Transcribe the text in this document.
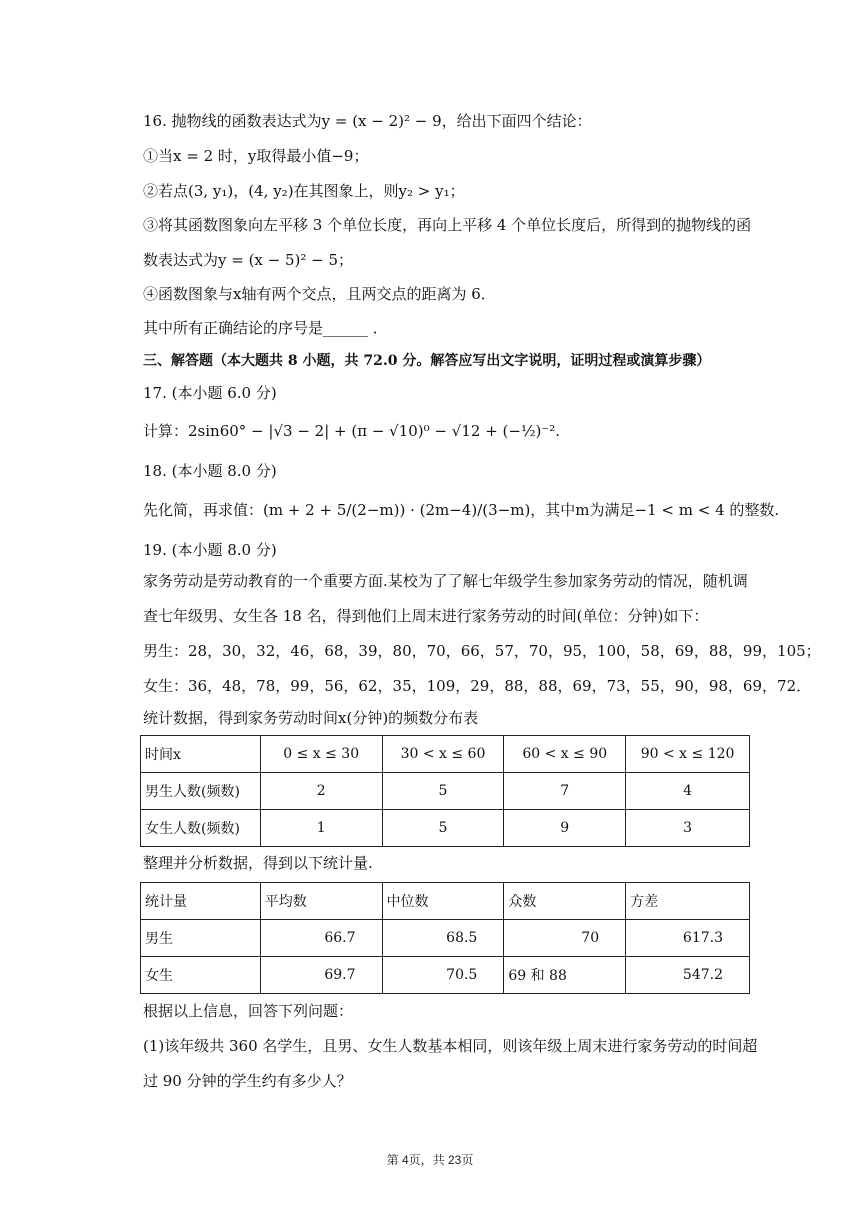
16. 抛物线的函数表达式为y = (x − 2)² − 9，给出下面四个结论：
①当x = 2 时，y取得最小值−9；
②若点(3, y₁)，(4, y₂)在其图象上，则y₂ > y₁；
③将其函数图象向左平移 3 个单位长度，再向上平移 4 个单位长度后，所得到的抛物线的函
数表达式为y = (x − 5)² − 5；
④函数图象与x轴有两个交点，且两交点的距离为 6．
其中所有正确结论的序号是______ ．
三、解答题（本大题共 8 小题，共 72.0 分。解答应写出文字说明，证明过程或演算步骤）
17. (本小题 6.0 分)
计算：2sin60° − |√3 − 2| + (π − √10)⁰ − √12 + (−½)⁻².
18. (本小题 8.0 分)
先化简，再求值：(m + 2 + 5/(2−m)) · (2m−4)/(3−m)，其中m为满足−1 < m < 4 的整数.
19. (本小题 8.0 分)
家务劳动是劳动教育的一个重要方面.某校为了了解七年级学生参加家务劳动的情况，随机调
查七年级男、女生各 18 名，得到他们上周末进行家务劳动的时间(单位：分钟)如下：
男生：28，30，32，46，68，39，80，70，66，57，70，95，100，58，69，88，99，105；
女生：36，48，78，99，56，62，35，109，29，88，88，69，73，55，90，98，69，72．
统计数据，得到家务劳动时间x(分钟)的频数分布表
时间x	0 ≤ x ≤ 30	30 < x ≤ 60	60 < x ≤ 90	90 < x ≤ 120
男生人数(频数)	2	5	7	4
女生人数(频数)	1	5	9	3
整理并分析数据，得到以下统计量.
统计量	平均数	中位数	众数	方差
男生	66.7	68.5	70	617.3
女生	69.7	70.5	69 和 88	547.2
根据以上信息，回答下列问题：
(1)该年级共 360 名学生，且男、女生人数基本相同，则该年级上周末进行家务劳动的时间超
过 90 分钟的学生约有多少人？
第 4页，共 23页
